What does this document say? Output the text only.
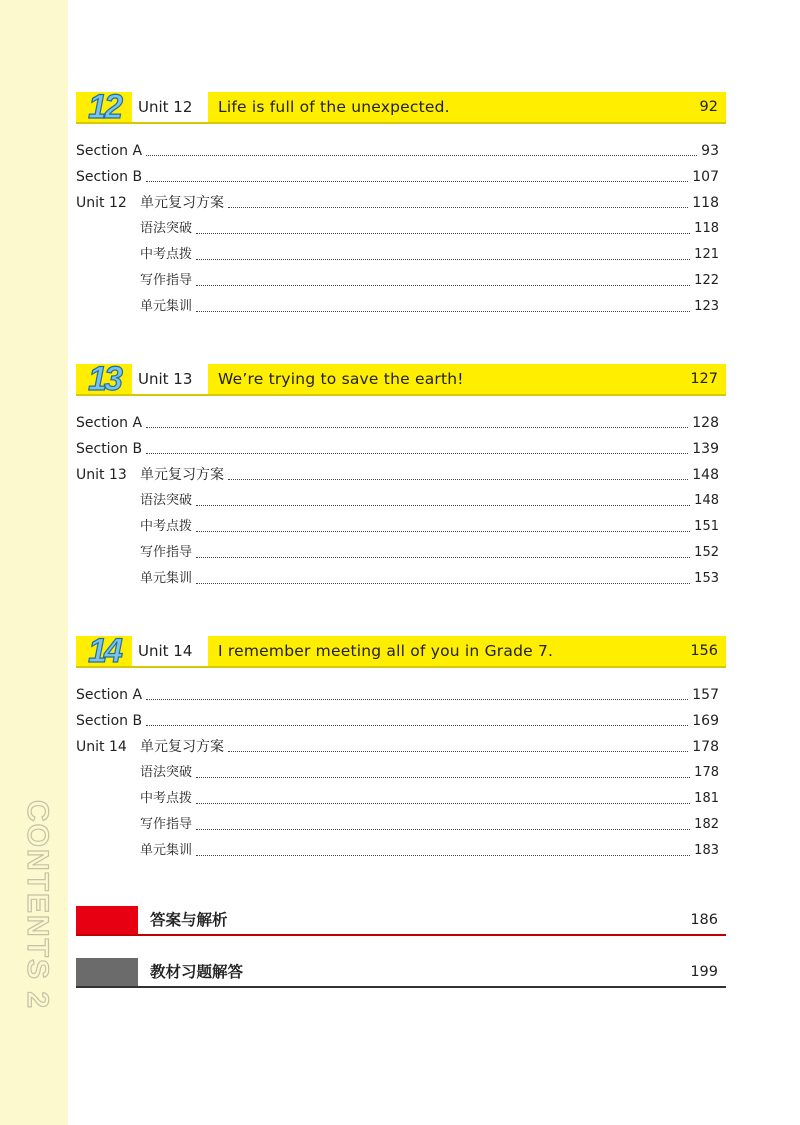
CONTENTS 2
12	Unit 12	Life is full of the unexpected.	92
Section A	93
Section B	107
Unit 12 单元复习方案	118
语法突破	118
中考点拨	121
写作指导	122
单元集训	123
13	Unit 13	We’re trying to save the earth!	127
Section A	128
Section B	139
Unit 13 单元复习方案	148
语法突破	148
中考点拨	151
写作指导	152
单元集训	153
14	Unit 14	I remember meeting all of you in Grade 7.	156
Section A	157
Section B	169
Unit 14 单元复习方案	178
语法突破	178
中考点拨	181
写作指导	182
单元集训	183
答案与解析	186
教材习题解答	199
